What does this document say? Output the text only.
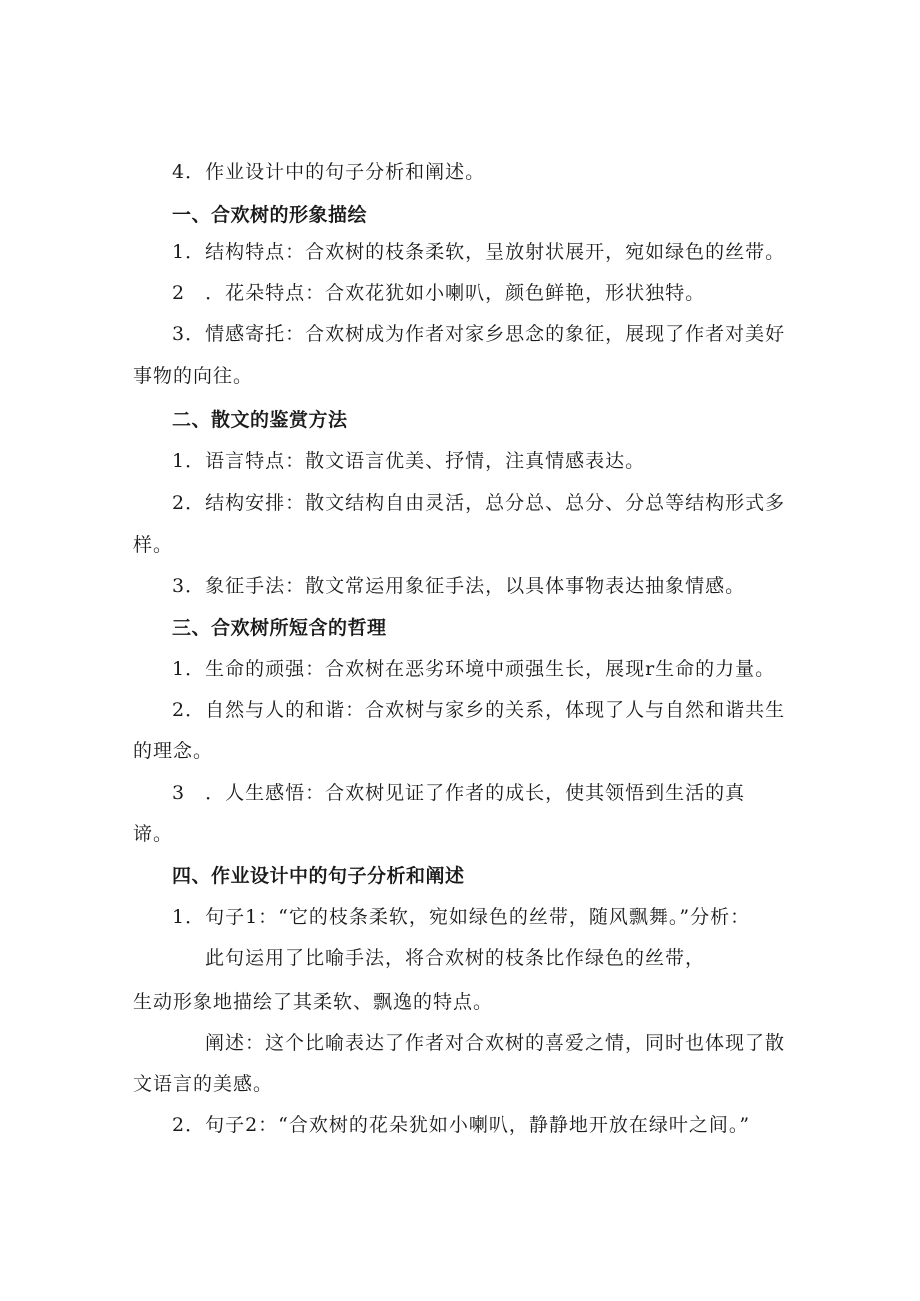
4．作业设计中的句子分析和阐述。
一、合欢树的形象描绘
1．结构特点：合欢树的枝条柔软，呈放射状展开，宛如绿色的丝带。
2　．花朵特点：合欢花犹如小喇叭，颜色鲜艳，形状独特。
3．情感寄托：合欢树成为作者对家乡思念的象征，展现了作者对美好
事物的向往。
二、散文的鉴赏方法
1．语言特点：散文语言优美、抒情，注真情感表达。
2．结构安排：散文结构自由灵活，总分总、总分、分总等结构形式多
样。
3．象征手法：散文常运用象征手法，以具体事物表达抽象情感。
三、合欢树所短含的哲理
1．生命的顽强：合欢树在恶劣环境中顽强生长，展现r生命的力量。
2．自然与人的和谐：合欢树与家乡的关系，体现了人与自然和谐共生
的理念。
3　．人生感悟：合欢树见证了作者的成长，使其领悟到生活的真
谛。
四、作业设计中的句子分析和阐述
1．句子1：“它的枝条柔软，宛如绿色的丝带，随风飘舞。”分析：
此句运用了比喻手法，将合欢树的枝条比作绿色的丝带，
生动形象地描绘了其柔软、飘逸的特点。
阐述：这个比喻表达了作者对合欢树的喜爱之情，同时也体现了散
文语言的美感。
2．句子2：“合欢树的花朵犹如小喇叭，静静地开放在绿叶之间。”
